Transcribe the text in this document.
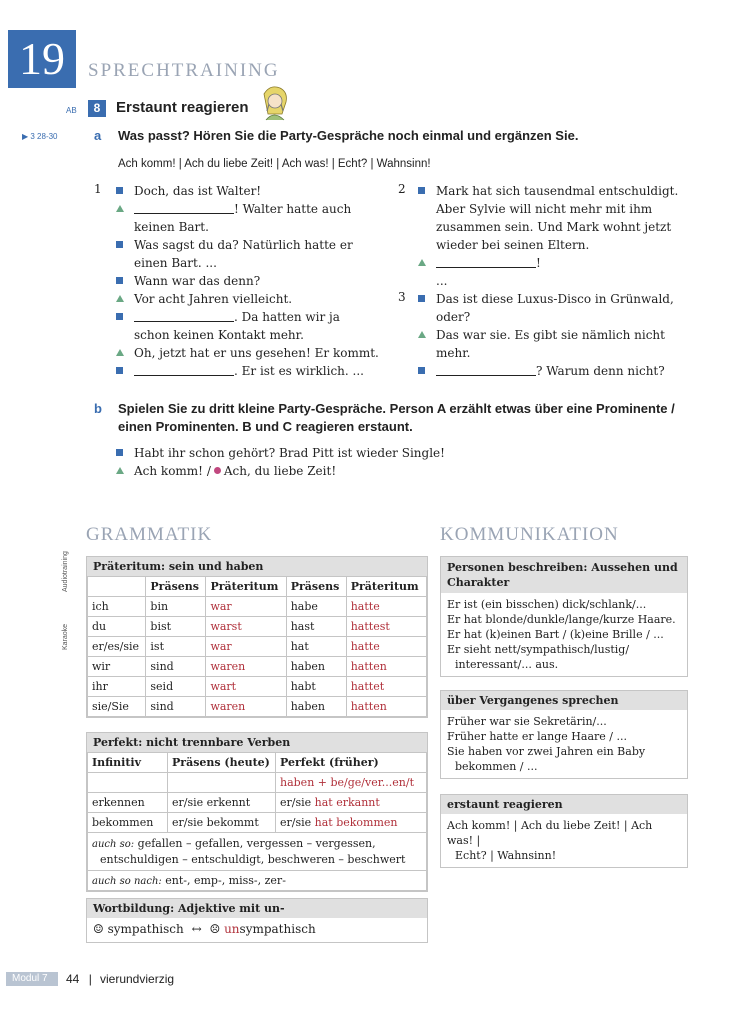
19	SPRECHTRAINING
AB	8	Erstaunt reagieren
▶ 3 28-30	a Was passt? Hören Sie die Party-Gespräche noch einmal und ergänzen Sie.
Ach komm! | Ach du liebe Zeit! | Ach was! | Echt? | Wahnsinn!
1	Doch, das ist Walter!
! Walter hatte auch
keinen Bart.
Was sagst du da? Natürlich hatte er
einen Bart. ...
Wann war das denn?
Vor acht Jahren vielleicht.
. Da hatten wir ja
schon keinen Kontakt mehr.
Oh, jetzt hat er uns gesehen! Er kommt.
. Er ist es wirklich. ...
2	Mark hat sich tausendmal entschuldigt.
Aber Sylvie will nicht mehr mit ihm
zusammen sein. Und Mark wohnt jetzt
wieder bei seinen Eltern.
!
...
3	Das ist diese Luxus-Disco in Grünwald,
oder?
Das war sie. Es gibt sie nämlich nicht
mehr.
? Warum denn nicht?
b Spielen Sie zu dritt kleine Party-Gespräche. Person A erzählt etwas über eine Prominente /
einen Prominenten. B und C reagieren erstaunt.
Habt ihr schon gehört? Brad Pitt ist wieder Single!
Ach komm! / Ach, du liebe Zeit!
Audiotraining
Karaoke
GRAMMATIK
Präteritum: sein und haben
	Präsens	Präteritum	Präsens	Präteritum
ich	bin	war	habe	hatte
du	bist	warst	hast	hattest
er/es/sie	ist	war	hat	hatte
wir	sind	waren	haben	hatten
ihr	seid	wart	habt	hattet
sie/Sie	sind	waren	haben	hatten
Perfekt: nicht trennbare Verben
Infinitiv	Präsens (heute)	Perfekt (früher)
		haben + be/ge/ver...en/t
erkennen	er/sie erkennt	er/sie hat erkannt
bekommen	er/sie bekommt	er/sie hat bekommen
auch so: gefallen – gefallen, vergessen – vergessen,
entschuldigen – entschuldigt, beschweren – beschwert		
auch so nach: ent-, emp-, miss-, zer-		
Wortbildung: Adjektive mit un-
☺ sympathisch ↔ ☹ unsympathisch
KOMMUNIKATION
Personen beschreiben: Aussehen und Charakter
Er ist (ein bisschen) dick/schlank/...
Er hat blonde/dunkle/lange/kurze Haare.
Er hat (k)einen Bart / (k)eine Brille / ...
Er sieht nett/sympathisch/lustig/
interessant/... aus.
über Vergangenes sprechen
Früher war sie Sekretärin/...
Früher hatte er lange Haare / ...
Sie haben vor zwei Jahren ein Baby
bekommen / ...
erstaunt reagieren
Ach komm! | Ach du liebe Zeit! | Ach was! |
Echt? | Wahnsinn!
Modul 7	44 | vierundvierzig
